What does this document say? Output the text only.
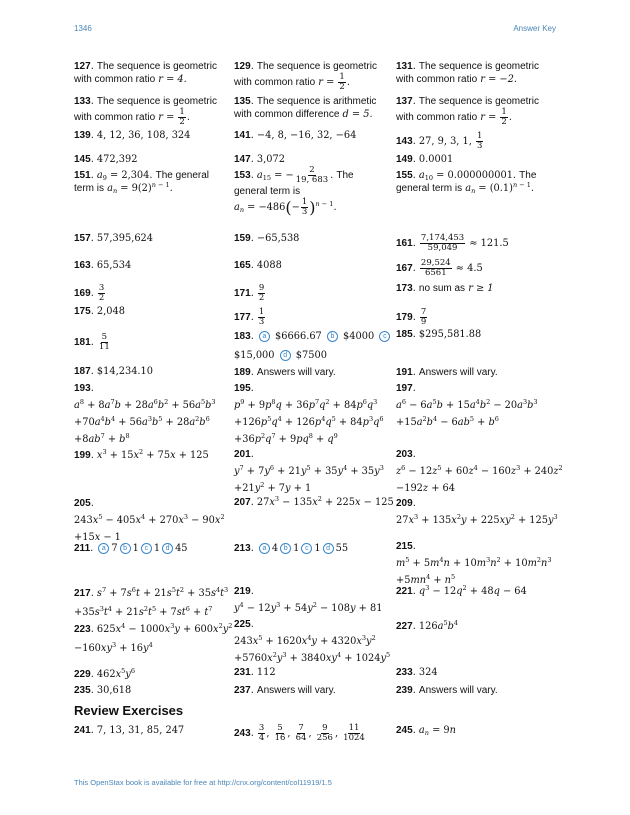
1346	Answer Key
127. The sequence is geometric
with common ratio r = 4.
129. The sequence is geometric
with common ratio $r = \frac{1}{2}$ .
131. The sequence is geometric
with common ratio r = −2.
133. The sequence is geometric
with common ratio $r = \frac{1}{2}$ .
135. The sequence is arithmetic
with common difference d = 5.
137. The sequence is geometric
with common ratio $r = \frac{1}{2}$ .
139. 4, 12, 36, 108, 324	141. −4, 8, −16, 32, −64
143. 27, 9, 3, 1, $\frac{1}{3}$
145. 472,392	147. 3,072	149. 0.0001
151. $a_9 = 2,304$. The general
term is $a_n = 9(2)^{n - 1}$.
153. $a_{15}$ = − $\frac{2}{19, 683}$ . The
general term is
$a_n = -486(- \frac{1}{3} )^{n - 1}$.
155. $a_{10} = 0.000000001$. The
general term is $a_n = (0.1)^{n - 1}$.
157. 57,395,624	159. −65,538	161. $\frac{7,174,453}{59,049} \approx 121.5$
163. 65,534	165. 4088	167. $\frac{29,524}{6561} \approx 4.5$
169. $\frac{3}{2}$	171. $\frac{9}{2}$	173. no sum as r ≥ 1
175. 2,048
177. $\frac{1}{3}$	179. $\frac{7}{9}$
181. $\frac{5}{11}$	183. a $6666.67 b $4000 c
$15,000 d $7500
185. $295,581.88
187. $14,234.10	189. Answers will vary.	191. Answers will vary.
193.
$a^8 + 8a^7b + 28a^6b^2 + 56a^5b^3$
$+70a^4b^4 + 56a^3b^5 + 28a^2b^6$
$+8ab^7 + b^8$
195.
$p^9 + 9p^8q + 36p^7q^2 + 84p^6q^3$
$+126p^5q^4 + 126p^4q^5 + 84p^3q^6$
$+36p^2q^7 + 9pq^8 + q^9$
197.
$a^6 - 6a^5b + 15a^4b^2 - 20a^3b^3$
$+15a^2b^4 - 6ab^5 + b^6$
199. $x^3 + 15x^2 + 75x + 125$	201.
$y^7 + 7y^6 + 21y^5 + 35y^4 + 35y^3$
$+21y^2 + 7y + 1$
203.
$z^6 - 12z^5 + 60z^4 - 160z^3 + 240z^2$
−192z + 64
205.
$243x^5 - 405x^4 + 270x^3 - 90x^2$
+15x − 1
207. $27x^3 - 135x^2 + 225x - 125$ 209.
$27x^3 + 135x^2y + 225xy^2 + 125y^3$
211. a 7 b 1 c 1 d 45	213. a 4 b 1 c 1 d 55	215.
$m^5 + 5m^4n + 10m^3n^2 + 10m^2n^3$
$+5mn^4 + n^5$
217. $s^7 + 7s^6t + 21s^5t^2 + 35s^4t^3$
$+35s^3t^4 + 21s^2t^5 + 7st^6 + t^7$
219.
$y^4 - 12y^3 + 54y^2 - 108y + 81$
221. $q^3 - 12q^2 + 48q - 64$
223. $625x^4 - 1000x^3y + 600x^2y^2$
$-160xy^3 + 16y^4$
225.
$243x^5 + 1620x^4y + 4320x^3y^2$
$+5760x^2y^3 + 3840xy^4 + 1024y^5$
227. $126a^5b^4$
229. $462x^5y^6$	231. 112	233. 324
235. 30,618	237. Answers will vary.	239. Answers will vary.
Review Exercises
241. 7, 13, 31, 85, 247	243. $\frac{3}{4}$ , $\frac{5}{16}$ , $\frac{7}{64}$ , $\frac{9}{256}$ , $\frac{11}{1024}$	245. $a_n = 9n$
This OpenStax book is available for free at http://cnx.org/content/col11919/1.5
